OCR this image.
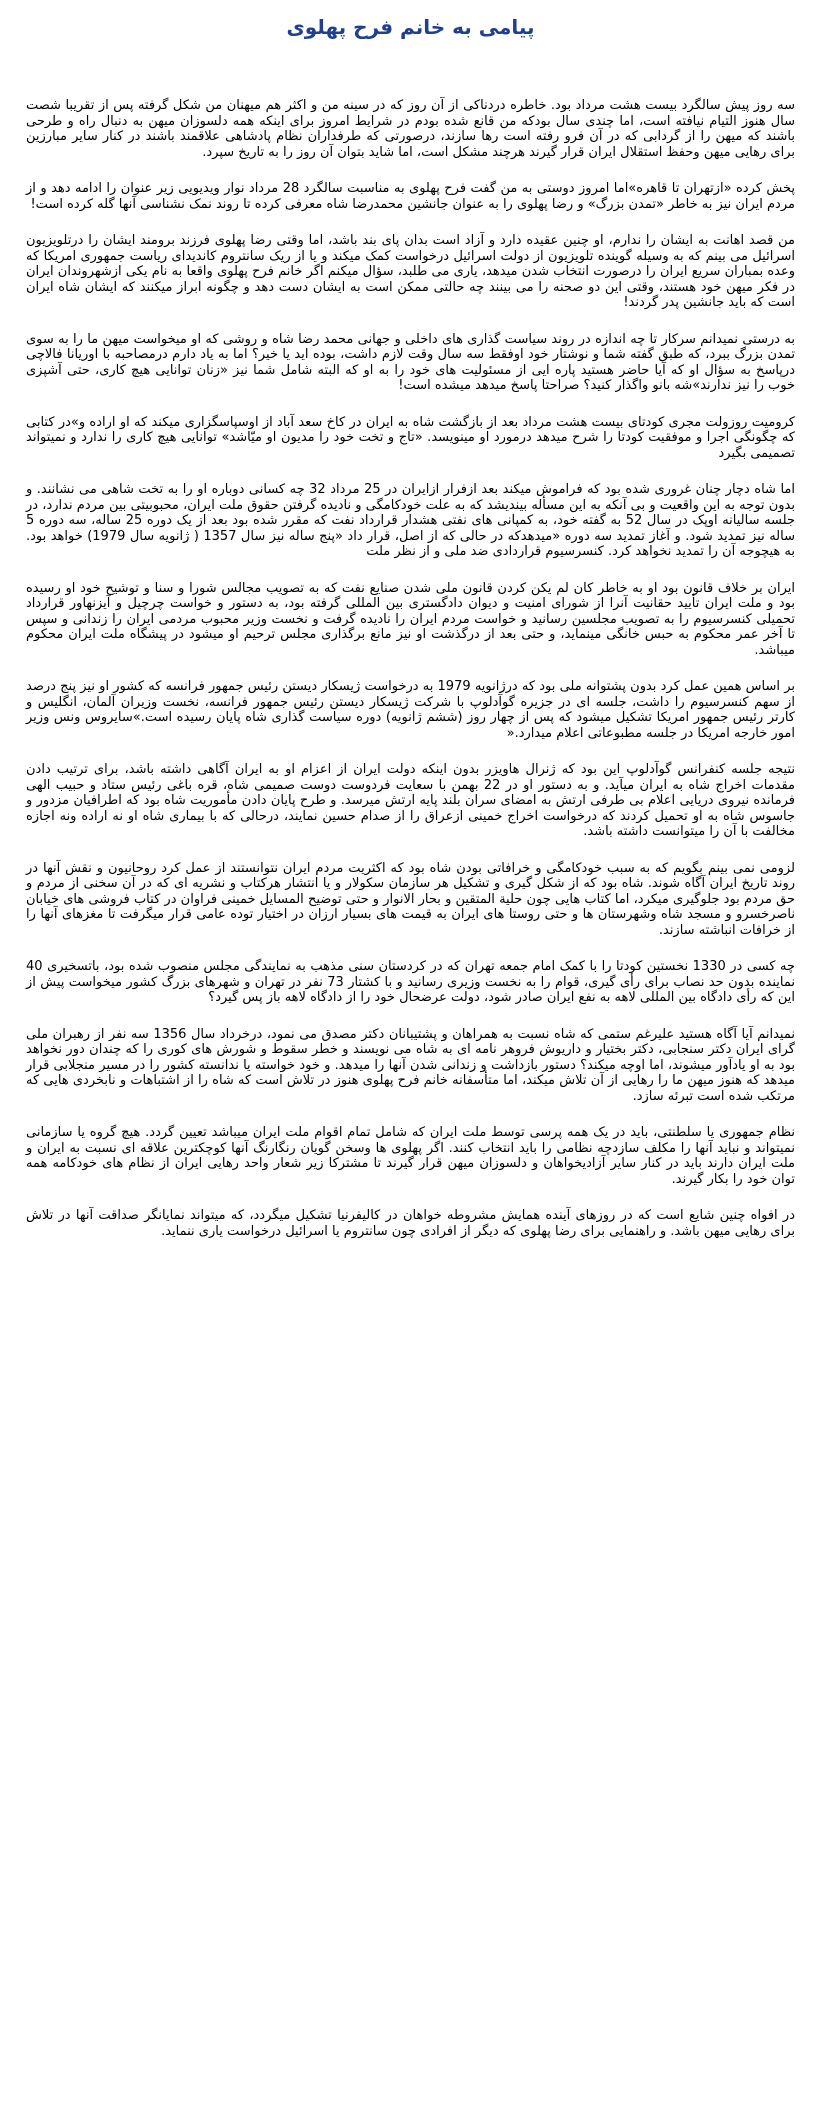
پیامی به خانم فرح پهلوی

سه روز پیش سالگرد بیست هشت مرداد بود. خاطره دردناکی از آن روز که در سینه من و اکثر هم میهنان من شکل گرفته پس از تقریبا شصت سال هنوز التیام نیافته است، اما چندی سال بودکه من قانع شده بودم در شرایط امروز برای اینکه همه دلسوزان میهن به دنبال راه و طرحی باشند که میهن را از گردابی که در آن فرو رفته است رها سازند، درصورتی که طرفداران نظام پادشاهی علاقمند باشند در کنار سایر مبارزین برای رهایی میهن وحفظ استقلال ایران قرار گیرند هرچند مشکل است، اما شاید بتوان آن روز را به تاریخ سپرد.

پخش کرده «ازتهران تا قاهره»اما امروز دوستی به من گفت فرح پهلوی به مناسبت سالگرد 28 مرداد نوار ویدیویی زیر عنوان را ادامه دهد و از مردم ایران نیز به خاطر «تمدن بزرگ» و رضا پهلوی را به عنوان جانشین محمدرضا شاه معرفی کرده تا روند نمک نشناسی آنها گله کرده است!

من قصد اهانت به ایشان را ندارم، او چنین عقیده دارد و آزاد است بدان پای بند باشد، اما وقتی رضا پهلوی فرزند برومند ایشان را درتلویزیون اسرائیل می بینم که به وسیله گوینده تلویزیون از دولت اسرائیل درخواست کمک میکند و یا از ریک سانتروم کاندیدای ریاست جمهوری امریکا که وعده بمباران سریع ایران را درصورت انتخاب شدن میدهد، یاری می طلبد، سؤال میکنم اگر خانم فرح پهلوی واقعا به نام یکی ازشهروندان ایران در فکر میهن خود هستند، وقتی این دو صحنه را می بینند چه حالتی ممکن است به ایشان دست دهد و چگونه ابراز میکنند که ایشان شاه ایران است که باید جانشین پدر گردند!

به درستی نمیدانم سرکار تا چه اندازه در روند سیاست گذاری های داخلی و جهانی محمد رضا شاه و روشی که او میخواست میهن ما را به سوی تمدن بزرگ ببرد، که طبق گفته شما و نوشتار خود اوفقط سه سال وقت لازم داشت، بوده اید یا خیر؟ اما به یاد دارم درمصاحبه با اوریانا فالاچی درپاسخ به سؤال او که آیا حاضر هستید پاره ایی از مسئولیت های خود را به او که البته شامل شما نیز «زنان توانایی هیچ کاری، حتی آشپزی خوب را نیز ندارند»شه بانو واگذار کنید؟ صراحتا پاسخ میدهد میشده است!

کرومیت روزولت مجری کودتای بیست هشت مرداد بعد از بازگشت شاه به ایران در کاخ سعد آباد از اوسپاسگزاری میکند که او اراده و»در کتابی که چگونگی اجرا و موفقیت کودتا را شرح میدهد درمورد او مینویسد. «تاج و تخت خود را مدیون او میّاشد» توانایی هیچ کاری را ندارد و نمیتواند تصمیمی بگیرد

اما شاه دچار چنان غروری شده بود که فراموش میکند بعد ازفرار ازایران در 25 مرداد 32 چه کسانی دوباره او را به تخت شاهی می نشانند. و بدون توجه به این واقعیت و بی آنکه به این مسأله بیندیشد که به علت خودکامگی و نادیده گرفتن حقوق ملت ایران، محبوبیتی بین مردم ندارد، در جلسه سالیانه اوپک در سال 52 به گفته خود، به کمپانی های نفتی هشدار قرارداد نفت که مقرر شده بود بعد از یک دوره 25 ساله، سه دوره 5 ساله نیز تمدید شود. و آغاز تمدید سه دوره «میدهدکه در حالی که از اصل، قرار داد «پنج ساله نیز سال 1357 ( ژانویه سال 1979) خواهد بود. به هیچوجه آن را تمدید نخواهد کرد. کنسرسیوم قراردادی ضد ملی و از نظر ملت

ایران بر خلاف قانون بود او به خاطر کان لم یکن کردن قانون ملی شدن صنایع نفت که به تصویب مجالس شورا و سنا و توشیح خود او رسیده بود و ملت ایران تأیید حقانیت آنرا از شورای امنیت و دیوان دادگستری بین المللی گرفته بود، به دستور و خواست چرچیل و آیزنهاور قرارداد تحمیلی کنسرسیوم را به تصویب مجلسین رسانید و خواست مردم ایران را نادیده گرفت و نخست وزیر محبوب مردمی ایران را زندانی و سپس تا آخر عمر محکوم به حبس خانگی مینماید، و حتی بعد از درگذشت او نیز مانع برگذاری مجلس ترحیم او میشود در پیشگاه ملت ایران محکوم میباشد.

بر اساس همین عمل کرد بدون پشتوانه ملی بود که درژانویه 1979 به درخواست ژیسکار دیستن رئیس جمهور فرانسه که کشور او نیز پنج درصد از سهم کنسرسیوم را داشت، جلسه ای در جزیره گوآدلوپ با شرکت ژیسکار دیستن رئیس جمهور فرانسه، نخست وزیران آلمان، انگلیس و کارتر رئیس جمهور امریکا تشکیل میشود که پس از چهار روز (ششم ژانویه) دوره سیاست گذاری شاه پایان رسیده است.»سایروس ونس وزیر امور خارجه امریکا در جلسه مطبوعاتی اعلام میدارد.«

نتیجه جلسه کنفرانس گوآدلوپ این بود که ژنرال هاویزر بدون اینکه دولت ایران از اعزام او به ایران آگاهی داشته باشد، برای ترتیب دادن مقدمات اخراج شاه به ایران میآید. و به دستور او در 22 بهمن با سعایت فردوست دوست صمیمی شاه، قره باغی رئیس ستاد و حبیب الهی فرمانده نیروی دریایی اعلام بی طرفی ارتش به امضای سران بلند پایه ارتش میرسد. و طرح پایان دادن مأموریت شاه بود که اطرافیان مزدور و جاسوس شاه به او تحمیل کردند که درخواست اخراج خمینی ازعراق را از صدام حسین نمایند، درحالی که با بیماری شاه او نه اراده ونه اجازه مخالفت با آن را میتوانست داشته باشد.

لزومی نمی بینم بگویم که به سبب خودکامگی و خرافاتی بودن شاه بود که اکثریت مردم ایران نتوانستند از عمل کرد روحانیون و نقش آنها در روند تاریخ ایران آگاه شوند. شاه بود که از شکل گیری و تشکیل هر سازمان سکولار و یا انتشار هرکتاب و نشریه ای که در آن سخنی از مردم و حق مردم بود جلوگیری میکرد، اما کتاب هایی چون حلیة المتقین و بحار الانوار و حتی توضیح المسایل خمینی فراوان در کتاب فروشی های خیابان ناصرخسرو و مسجد شاه وشهرستان ها و حتی روستا های ایران به قیمت های بسیار ارزان در اختیار توده عامی قرار میگرفت تا مغزهای آنها را از خرافات انباشته سازند.

چه کسی در 1330 نخستین کودتا را با کمک امام جمعه تهران که در کردستان سنی مذهب به نمایندگی مجلس منصوب شده بود، باتسخیری 40 نماینده بدون حد نصاب برای رأی گیری، قوام را به نخست وزیری رسانید و با کشتار 73 نفر در تهران و شهرهای بزرگ کشور میخواست پیش از این که رأی دادگاه بین المللی لاهه به نفع ایران صادر شود، دولت عرضحال خود را از دادگاه لاهه باز پس گیرد؟

نمیدانم آیا آگاه هستید علیرغم ستمی که شاه نسبت به همراهان و پشتیبانان دکتر مصدق می نمود، درخرداد سال 1356 سه نفر از رهبران ملی گرای ایران دکتر سنجابی، دکتر بختیار و داریوش فروهر نامه ای به شاه می نویسند و خطر سقوط و شورش های کوری را که چندان دور نخواهد بود به او یادآور میشوند، اما اوچه میکند؟ دستور بازداشت و زندانی شدن آنها را میدهد. و خود خواسته یا ندانسته کشور را در مسیر منجلابی قرار میدهد که هنوز میهن ما را رهایی از آن تلاش میکند، اما متأسفانه خانم فرح پهلوی هنوز در تلاش است که شاه را از اشتباهات و نابخردی هایی که مرتکب شده است تبرئه سازد.

نظام جمهوری یا سلطنتی، باید در یک همه پرسی توسط ملت ایران که شامل تمام اقوام ملت ایران میباشد تعیین گردد. هیچ گروه یا سازمانی نمیتواند و نباید آنها را مکلف سازدچه نظامی را باید انتخاب کنند. اگر پهلوی ها وسخن گویان رنگارنگ آنها کوچکترین علاقه ای نسبت به ایران و ملت ایران دارند باید در کنار سایر آزادیخواهان و دلسوزان میهن قرار گیرند تا مشترکا زیر شعار واحد رهایی ایران از نظام های خودکامه همه توان خود را بکار گیرند.

در افواه چنین شایع است که در روزهای آینده همایش مشروطه خواهان در کالیفرنیا تشکیل میگردد، که میتواند نمایانگر صداقت آنها در تلاش برای رهایی میهن باشد. و راهنمایی برای رضا پهلوی که دیگر از افرادی چون سانتروم یا اسرائیل درخواست یاری ننماید.
